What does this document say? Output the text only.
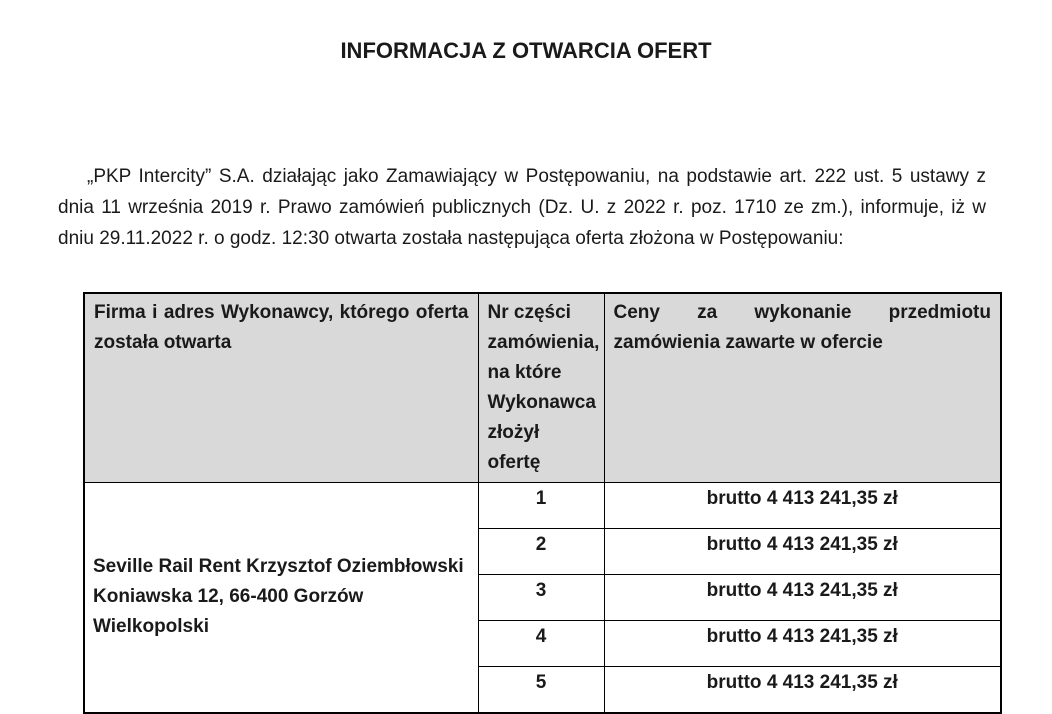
INFORMACJA Z OTWARCIA OFERT

„PKP Intercity” S.A. działając jako Zamawiający w Postępowaniu, na podstawie art. 222 ust. 5 ustawy z dnia 11 września 2019 r. Prawo zamówień publicznych (Dz. U. z 2022 r. poz. 1710 ze zm.), informuje, iż w dniu 29.11.2022 r. o godz. 12:30 otwarta została następująca oferta złożona w Postępowaniu:

Firma i adres Wykonawcy, którego oferta została otwarta	Nr części zamówienia, na które Wykonawca złożył ofertę	Ceny za wykonanie przedmiotu zamówienia zawarte w ofercie

Seville Rail Rent Krzysztof Oziembłowski
Koniawska 12, 66-400 Gorzów Wielkopolski	1	brutto 4 413 241,35 zł
	2	brutto 4 413 241,35 zł
	3	brutto 4 413 241,35 zł
	4	brutto 4 413 241,35 zł
	5	brutto 4 413 241,35 zł
